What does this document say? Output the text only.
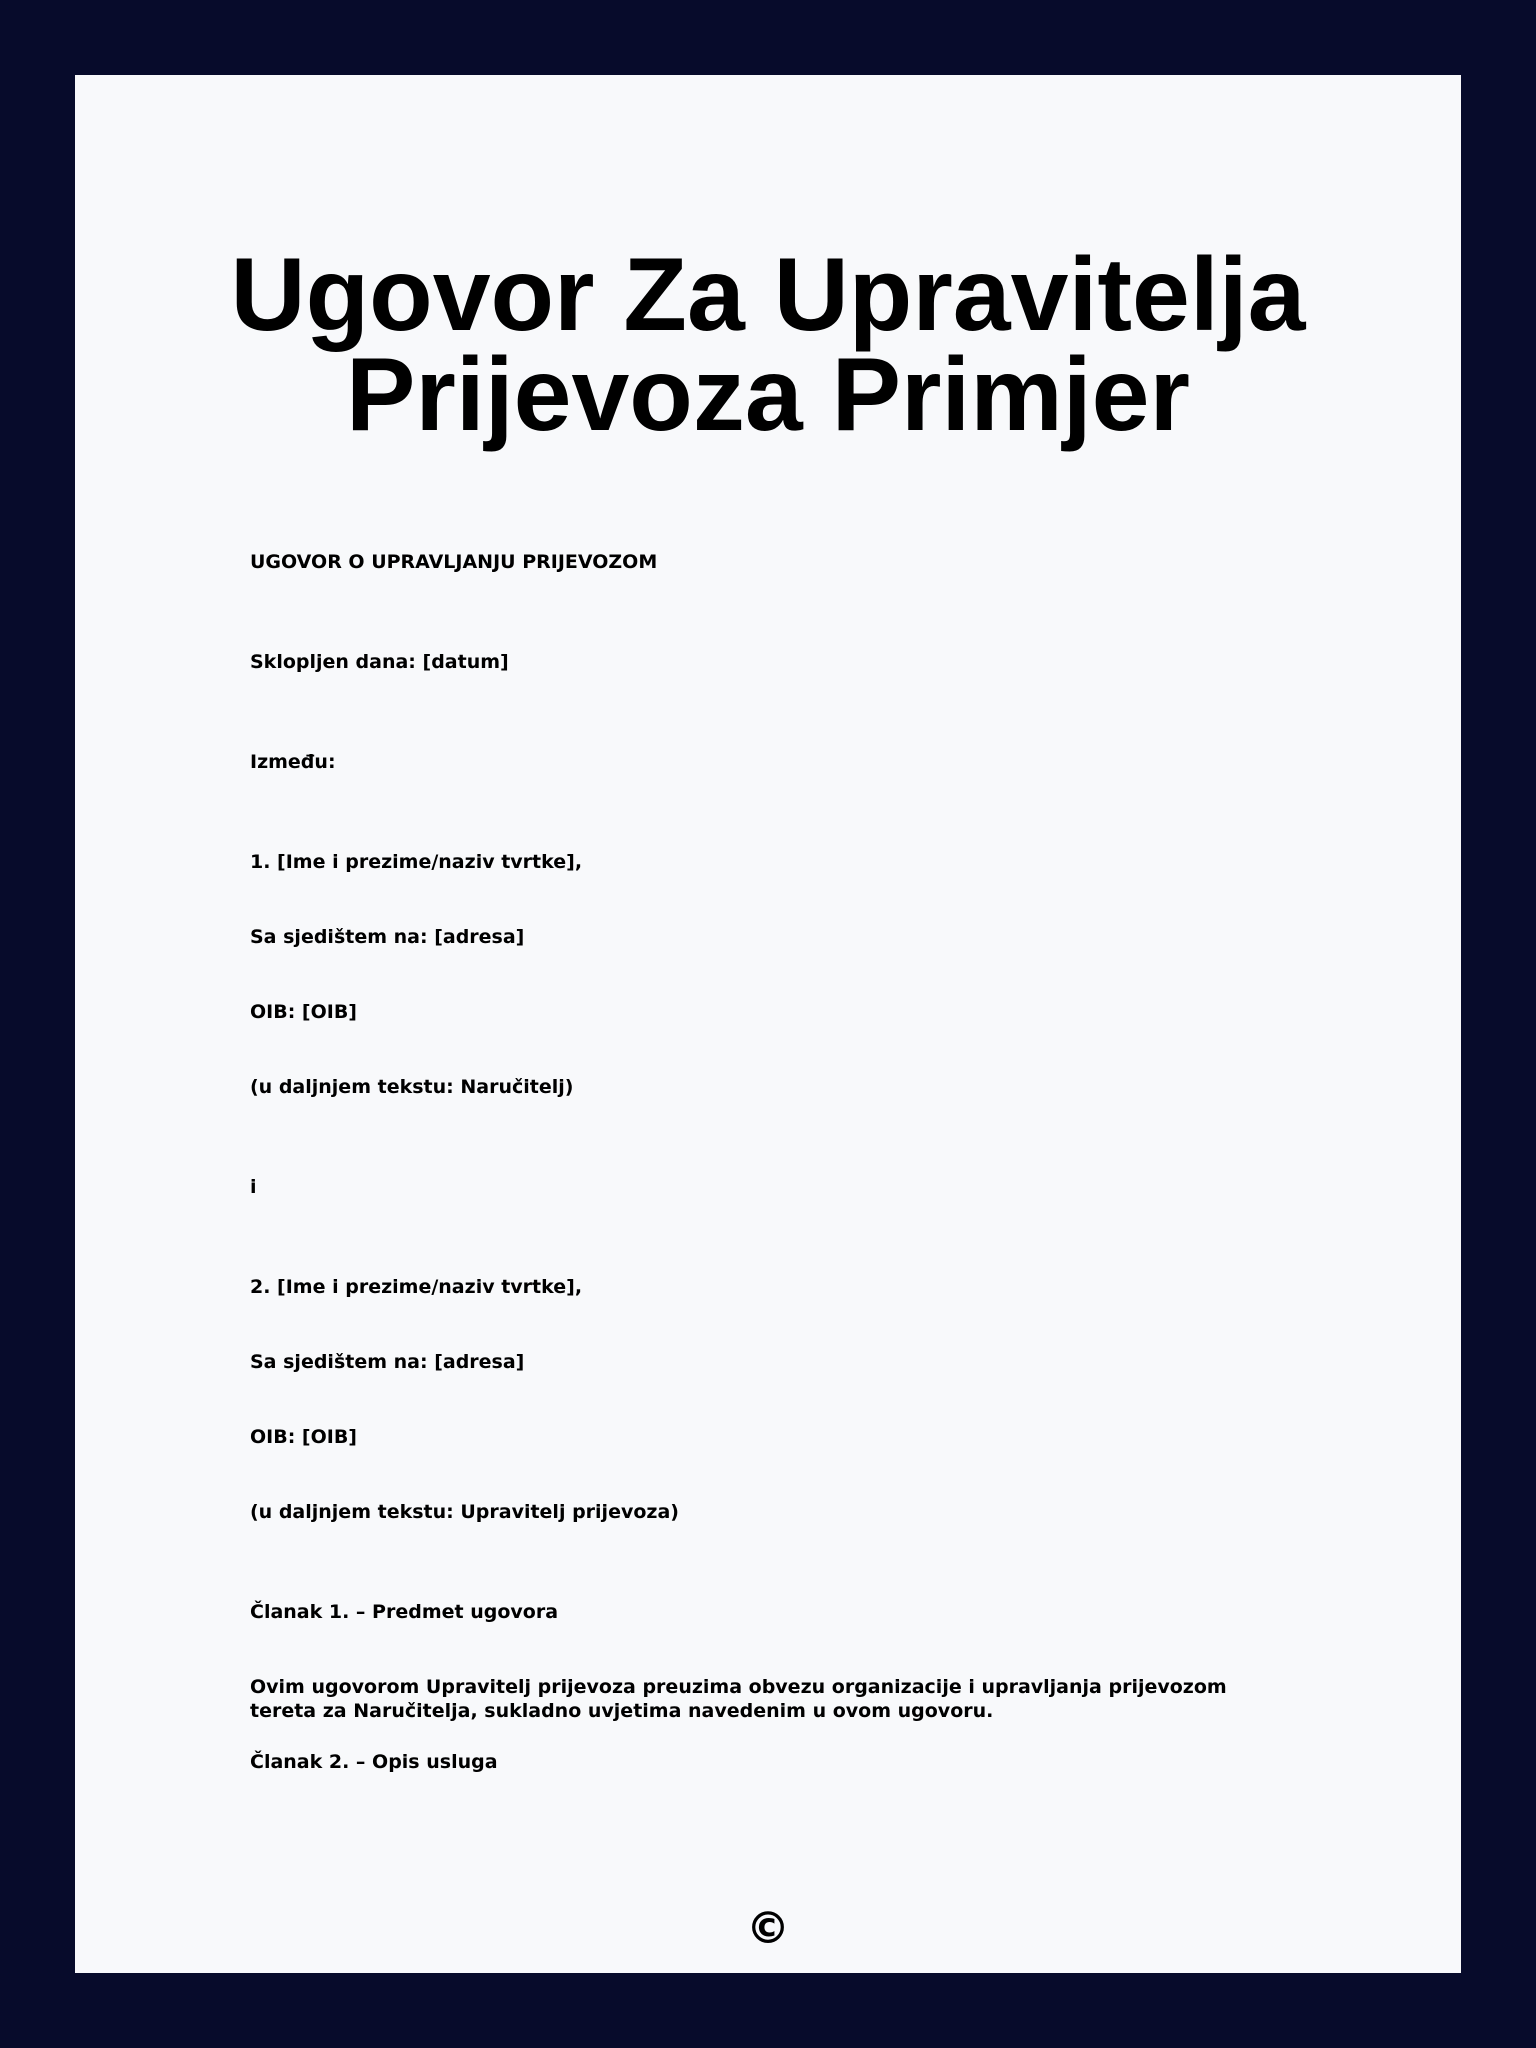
Ugovor Za Upravitelja
Prijevoza Primjer

UGOVOR O UPRAVLJANJU PRIJEVOZOM

Sklopljen dana: [datum]

Između:

1. [Ime i prezime/naziv tvrtke],

Sa sjedištem na: [adresa]

OIB: [OIB]

(u daljnjem tekstu: Naručitelj)

i

2. [Ime i prezime/naziv tvrtke],

Sa sjedištem na: [adresa]

OIB: [OIB]

(u daljnjem tekstu: Upravitelj prijevoza)

Članak 1. – Predmet ugovora

Ovim ugovorom Upravitelj prijevoza preuzima obvezu organizacije i upravljanja prijevozom tereta za Naručitelja, sukladno uvjetima navedenim u ovom ugovoru.

Članak 2. – Opis usluga

©
